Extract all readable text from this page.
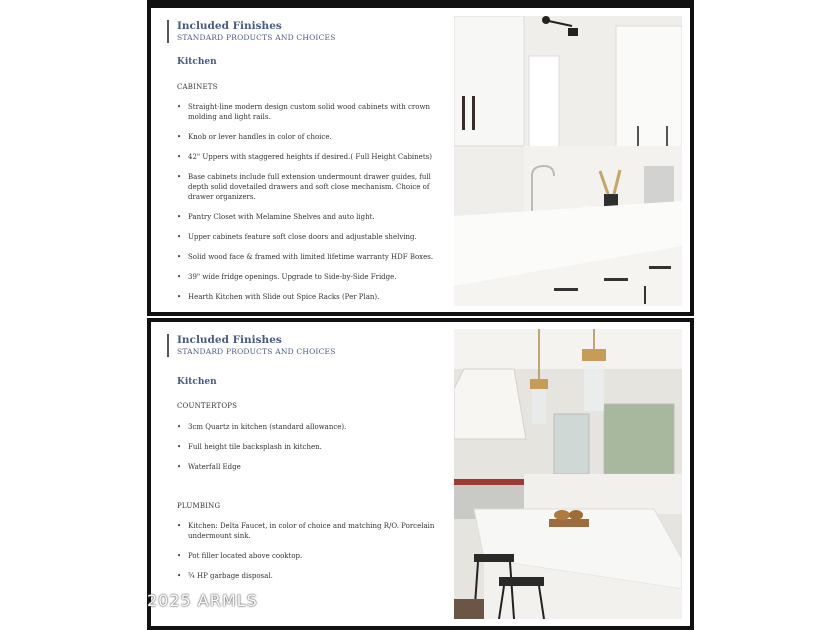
Included Finishes
STANDARD PRODUCTS AND CHOICES
Kitchen
CABINETS
• Straight-line modern design custom solid wood cabinets with crown molding and light rails.
• Knob or lever handles in color of choice.
• 42" Uppers with staggered heights if desired.( Full Height Cabinets)
• Base cabinets include full extension undermount drawer guides, full depth solid dovetailed drawers and soft close mechanism. Choice of drawer organizers.
• Pantry Closet with Melamine Shelves and auto light.
• Upper cabinets feature soft close doors and adjustable shelving.
• Solid wood face & framed with limited lifetime warranty HDF Boxes.
• 39" wide fridge openings. Upgrade to Side-by-Side Fridge.
• Hearth Kitchen with Slide out Spice Racks (Per Plan).
Included Finishes
STANDARD PRODUCTS AND CHOICES
Kitchen
COUNTERTOPS
• 3cm Quartz in kitchen (standard allowance).
• Full height tile backsplash in kitchen.
• Waterfall Edge
PLUMBING
• Kitchen: Delta Faucet, in color of choice and matching R/O. Porcelain undermount sink.
• Pot filler located above cooktop.
• ¾ HP garbage disposal.
2025 ARMLS
